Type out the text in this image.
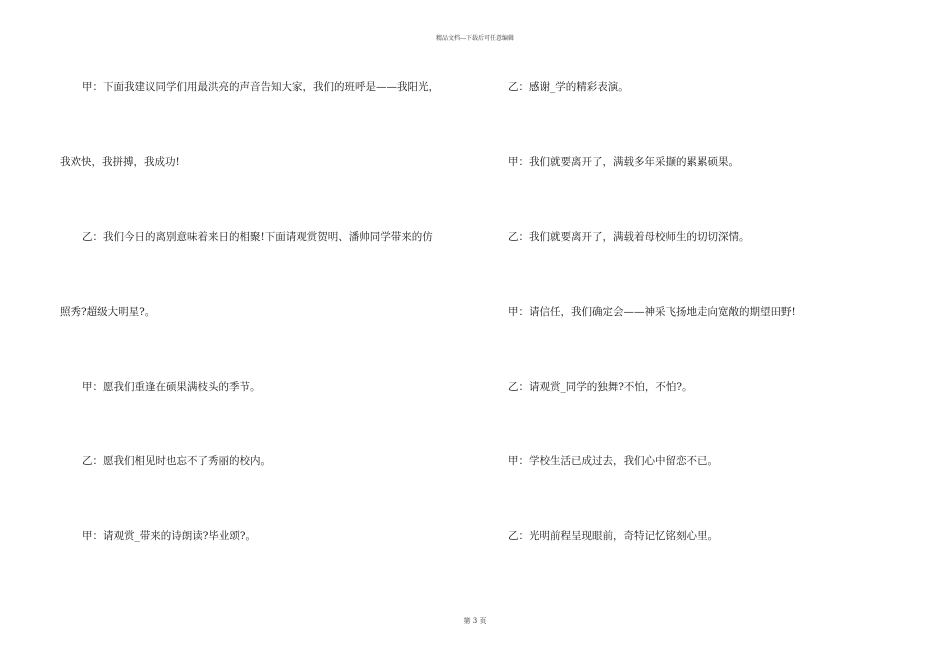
精品文档---下载后可任意编辑
甲：下面我建议同学们用最洪亮的声音告知大家，我们的班呼是——我阳光，
我欢快，我拼搏，我成功!
乙：我们今日的离别意味着来日的相聚!下面请观赏贺明、潘帅同学带来的仿
照秀?超级大明星?。
甲：愿我们重逢在硕果满枝头的季节。
乙：愿我们相见时也忘不了秀丽的校内。
甲：请观赏_带来的诗朗读?毕业颂?。
乙：感谢_学的精彩表演。
甲：我们就要离开了，满载多年采撷的累累硕果。
乙：我们就要离开了，满载着母校师生的切切深情。
甲：请信任，我们确定会——神采飞扬地走向宽敞的期望田野!
乙：请观赏_同学的独舞?不怕，不怕?。
甲：学校生活已成过去，我们心中留恋不已。
乙：光明前程呈现眼前，奇特记忆铭刻心里。
第 3 页
